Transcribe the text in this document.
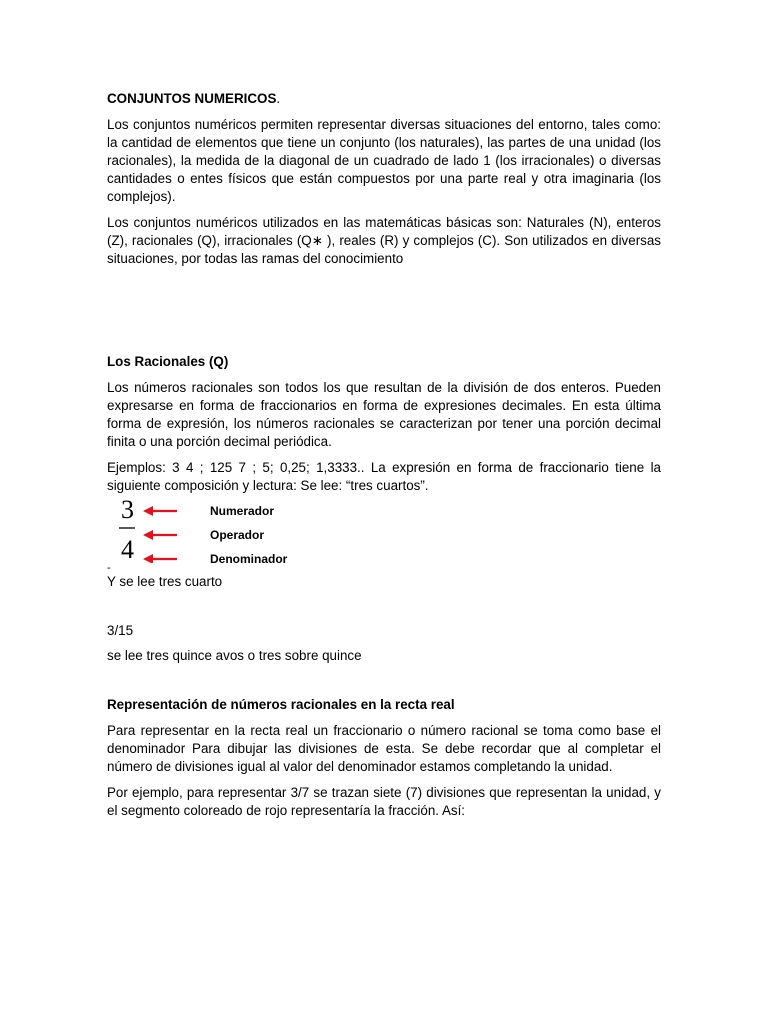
CONJUNTOS NUMERICOS.

Los conjuntos numéricos permiten representar diversas situaciones del entorno, tales como: la cantidad de elementos que tiene un conjunto (los naturales), las partes de una unidad (los racionales), la medida de la diagonal de un cuadrado de lado 1 (los irracionales) o diversas cantidades o entes físicos que están compuestos por una parte real y otra imaginaria (los complejos).

Los conjuntos numéricos utilizados en las matemáticas básicas son: Naturales (N), enteros (Z), racionales (Q), irracionales (Q∗ ), reales (R) y complejos (C). Son utilizados en diversas situaciones, por todas las ramas del conocimiento

Los Racionales (Q)

Los números racionales son todos los que resultan de la división de dos enteros. Pueden expresarse en forma de fraccionarios en forma de expresiones decimales. En esta última forma de expresión, los números racionales se caracterizan por tener una porción decimal finita o una porción decimal periódica.

Ejemplos: 3 4 ; 125 7 ; 5; 0,25; 1,3333.. La expresión en forma de fraccionario tiene la siguiente composición y lectura: Se lee: “tres cuartos”.

3
4
Numerador
Operador
Denominador

-

Y se lee tres cuarto

3/15

se lee tres quince avos o tres sobre quince

Representación de números racionales en la recta real

Para representar en la recta real un fraccionario o número racional se toma como base el denominador Para dibujar las divisiones de esta. Se debe recordar que al completar el número de divisiones igual al valor del denominador estamos completando la unidad.

Por ejemplo, para representar 3/7 se trazan siete (7) divisiones que representan la unidad, y el segmento coloreado de rojo representaría la fracción. Así:
